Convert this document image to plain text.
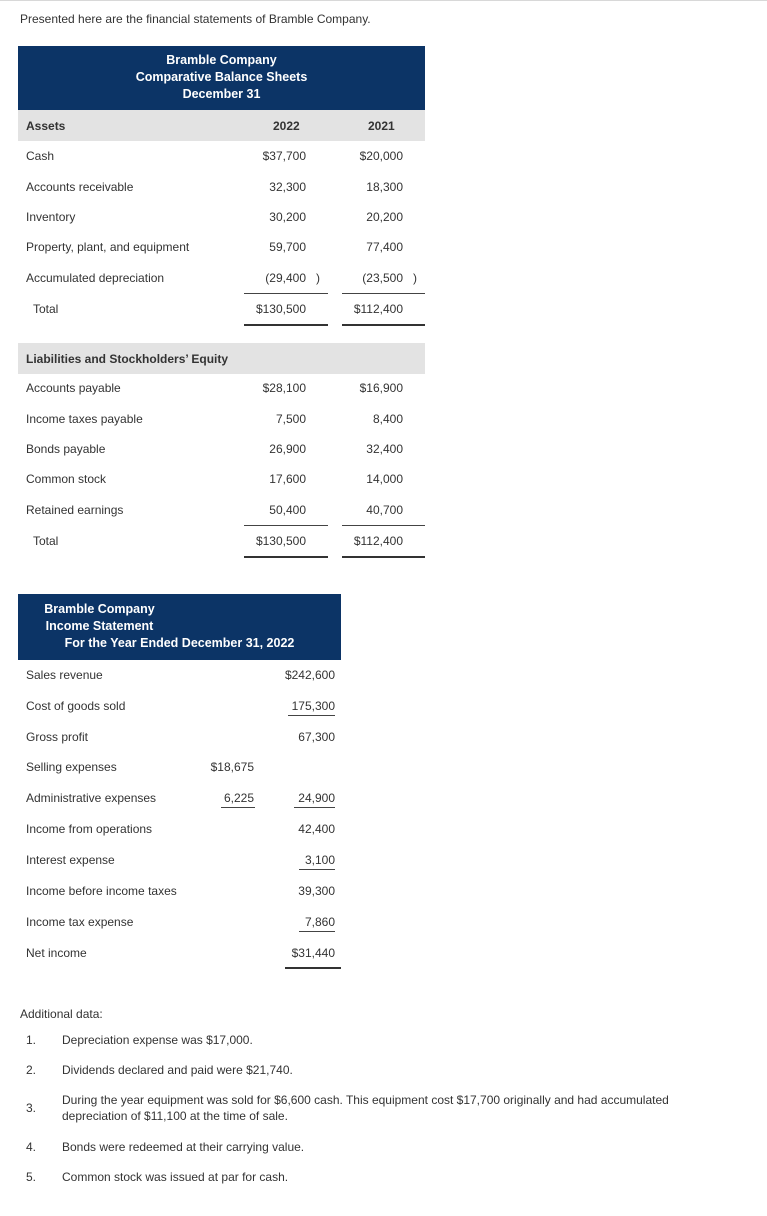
Presented here are the financial statements of Bramble Company.
Bramble Company
Comparative Balance Sheets
December 31
Assets	2022	2021
Cash	$37,700	$20,000
Accounts receivable	32,300	18,300
Inventory	30,200	20,200
Property, plant, and equipment	59,700	77,400
Accumulated depreciation	(29,400 )	(23,500 )
Total	$130,500	$112,400
Liabilities and Stockholders’ Equity
Accounts payable	$28,100	$16,900
Income taxes payable	7,500	8,400
Bonds payable	26,900	32,400
Common stock	17,600	14,000
Retained earnings	50,400	40,700
Total	$130,500	$112,400
Bramble Company
Income Statement
For the Year Ended December 31, 2022
Sales revenue	$242,600
Cost of goods sold	175,300
Gross profit	67,300
Selling expenses	$18,675
Administrative expenses	6,225	24,900
Income from operations	42,400
Interest expense	3,100
Income before income taxes	39,300
Income tax expense	7,860
Net income	$31,440
Additional data:
1. Depreciation expense was $17,000.
2. Dividends declared and paid were $21,740.
3.
During the year equipment was sold for $6,600 cash. This equipment cost $17,700 originally and had accumulated depreciation of $11,100 at the time of sale.
4. Bonds were redeemed at their carrying value.
5. Common stock was issued at par for cash.
